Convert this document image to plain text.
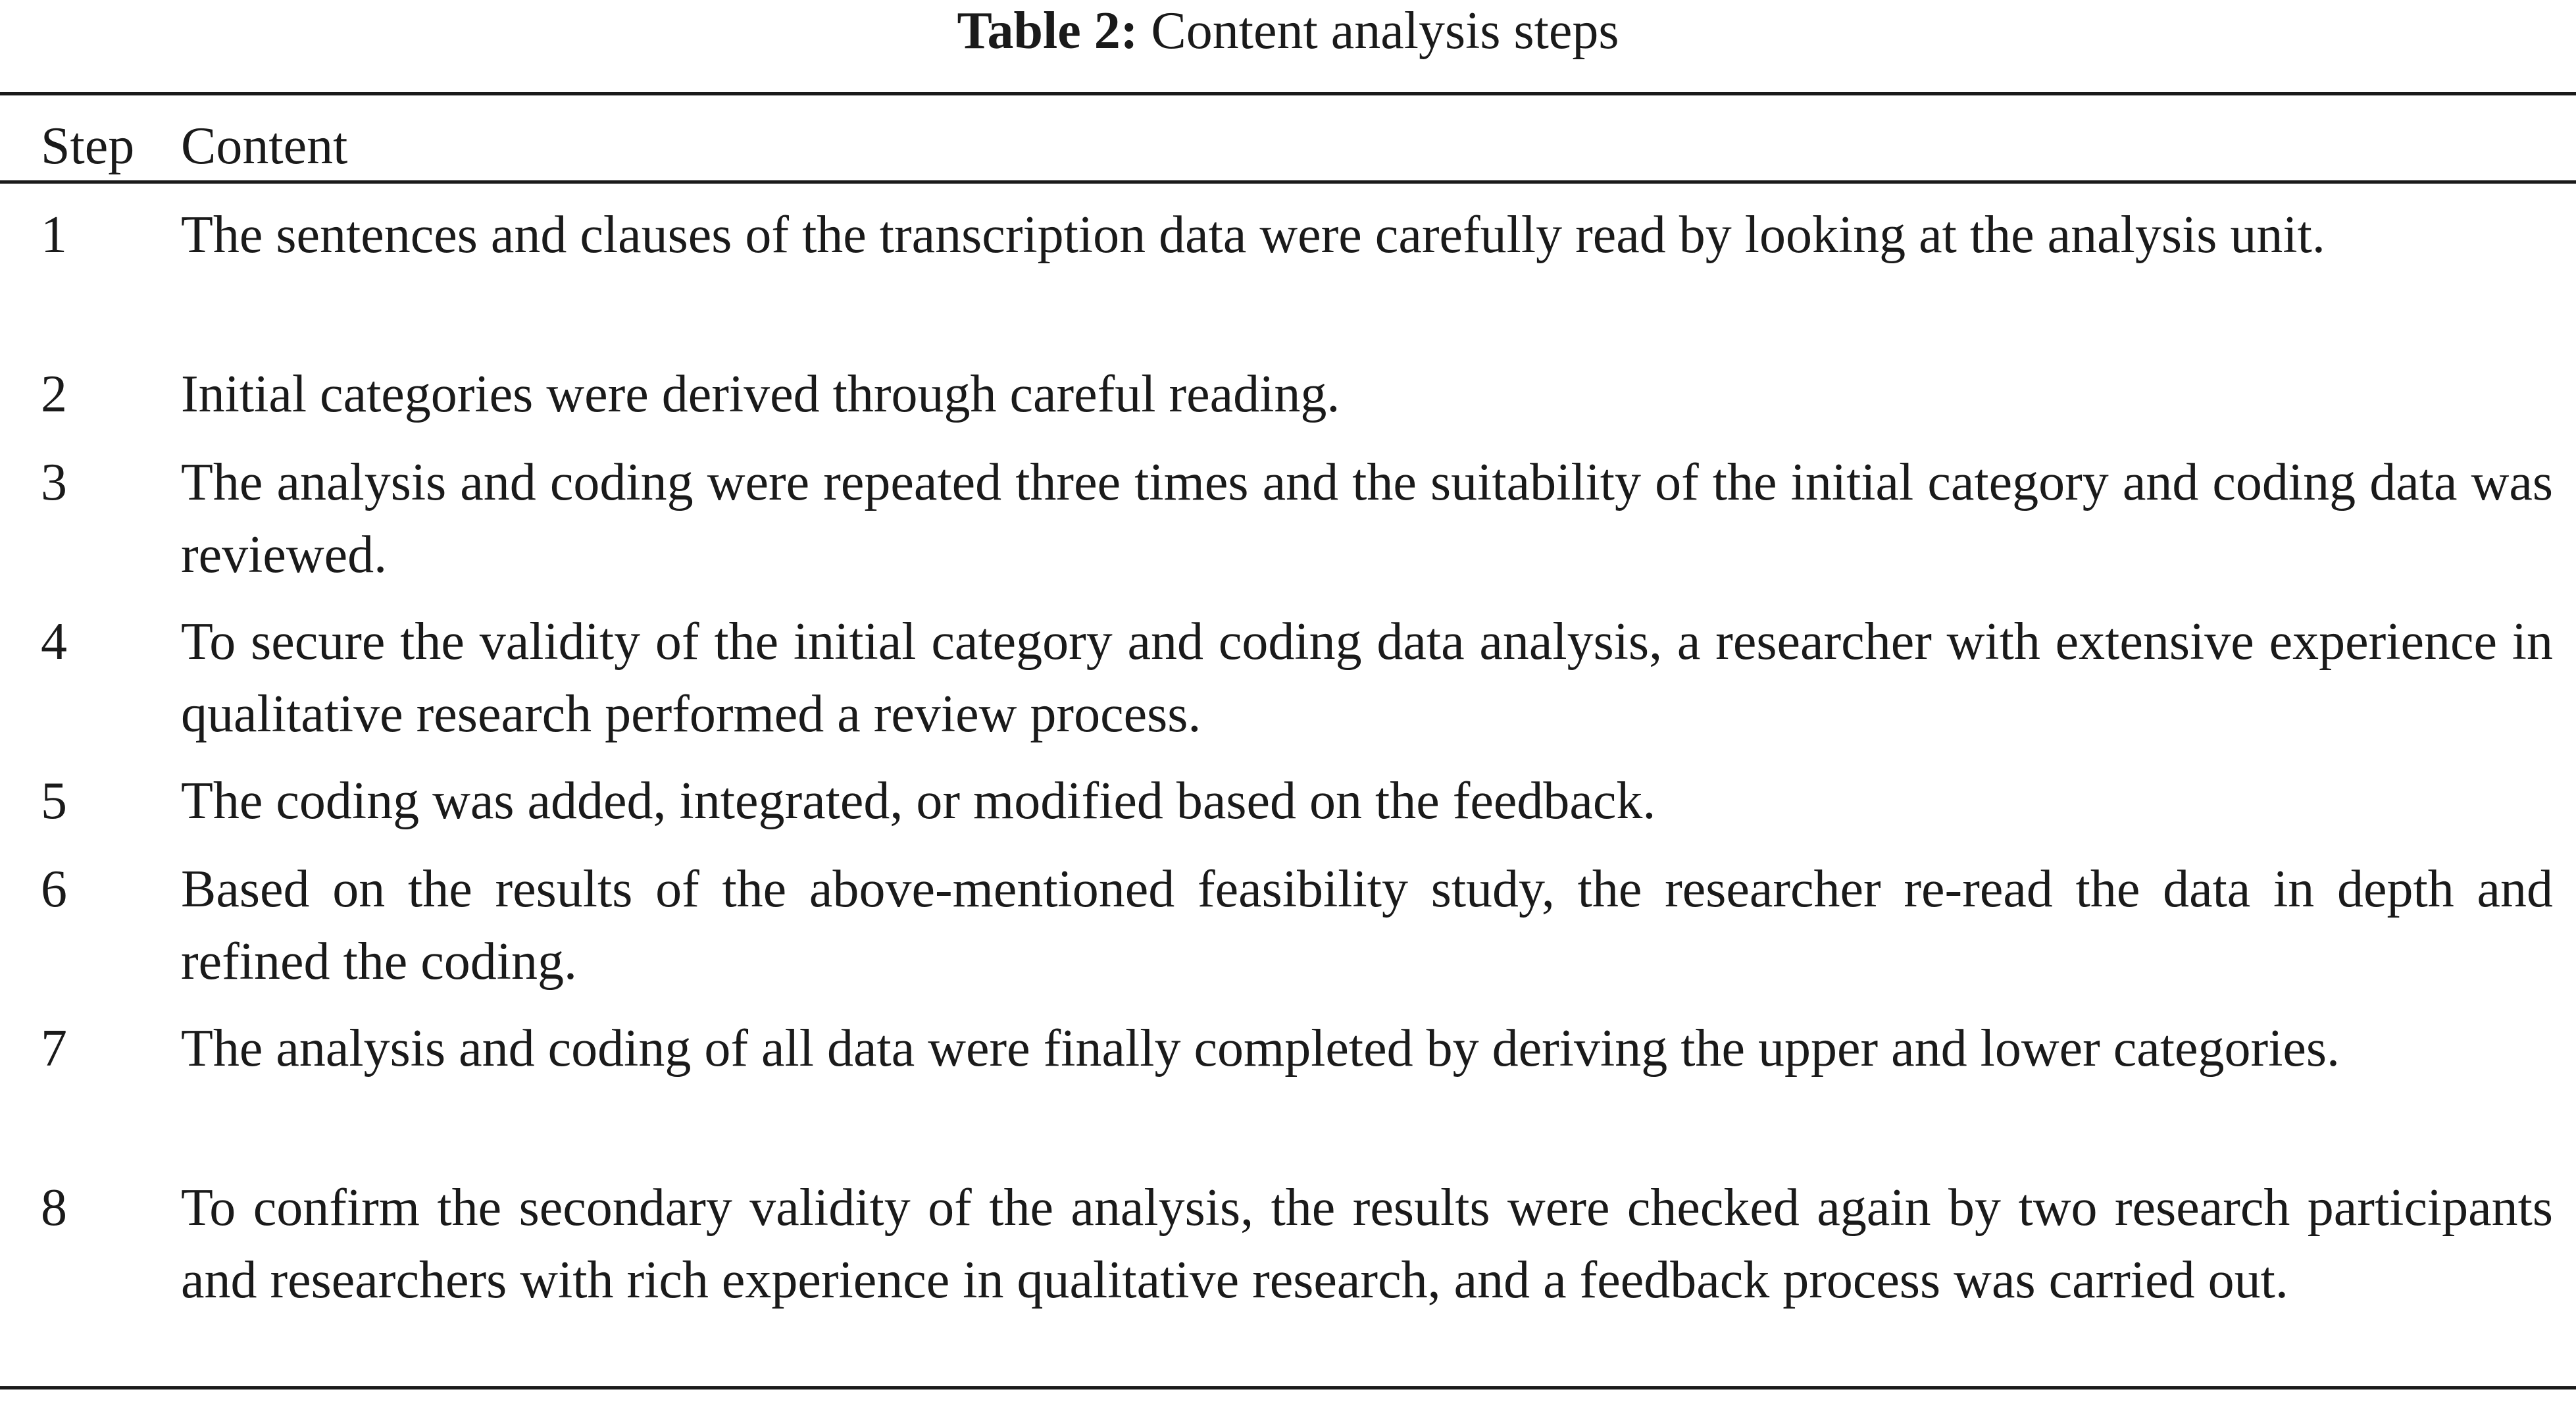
Table 2: Content analysis steps
Step Content
1 The sentences and clauses of the transcription data were carefully read by looking at the analysis unit.
2 Initial categories were derived through careful reading.
3 The analysis and coding were repeated three times and the suitability of the initial category and coding data was reviewed.
4 To secure the validity of the initial category and coding data analysis, a researcher with extensive experience in qualitative research performed a review process.
5 The coding was added, integrated, or modified based on the feedback.
6 Based on the results of the above-mentioned feasibility study, the researcher re-read the data in depth and refined the coding.
7 The analysis and coding of all data were finally completed by deriving the upper and lower categories.
8 To confirm the secondary validity of the analysis, the results were checked again by two research participants and researchers with rich experience in qualitative research, and a feedback process was carried out.
